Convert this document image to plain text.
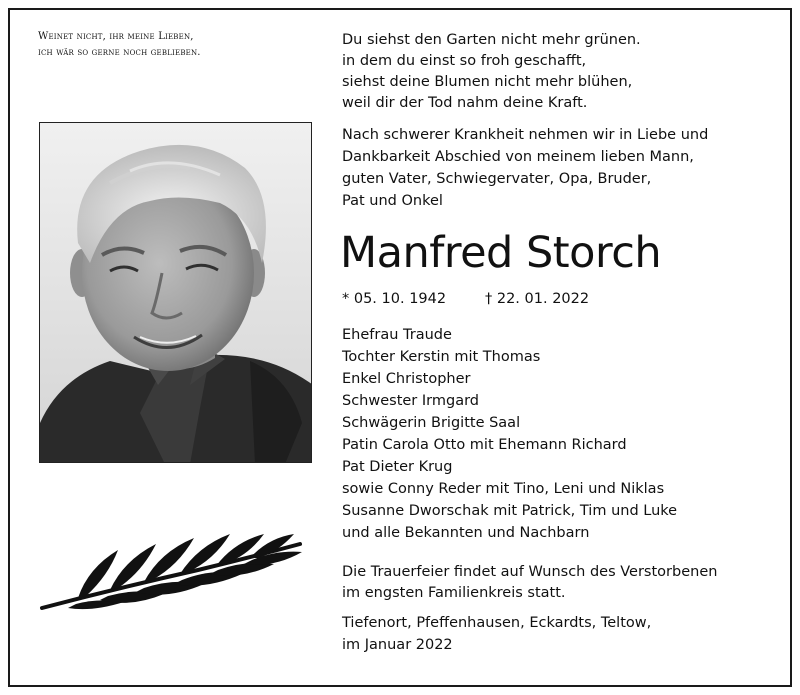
Weinet nicht, ihr meine Lieben,
ich wär so gerne noch geblieben.
Du siehst den Garten nicht mehr grünen.
in dem du einst so froh geschafft,
siehst deine Blumen nicht mehr blühen,
weil dir der Tod nahm deine Kraft.
Nach schwerer Krankheit nehmen wir in Liebe und
Dankbarkeit Abschied von meinem lieben Mann,
guten Vater, Schwiegervater, Opa, Bruder,
Pat und Onkel
Manfred Storch
* 05. 10. 1942	† 22. 01. 2022
Ehefrau Traude
Tochter Kerstin mit Thomas
Enkel Christopher
Schwester Irmgard
Schwägerin Brigitte Saal
Patin Carola Otto mit Ehemann Richard
Pat Dieter Krug
sowie Conny Reder mit Tino, Leni und Niklas
Susanne Dworschak mit Patrick, Tim und Luke
und alle Bekannten und Nachbarn
Die Trauerfeier findet auf Wunsch des Verstorbenen
im engsten Familienkreis statt.
Tiefenort, Pfeffenhausen, Eckardts, Teltow,
im Januar 2022
